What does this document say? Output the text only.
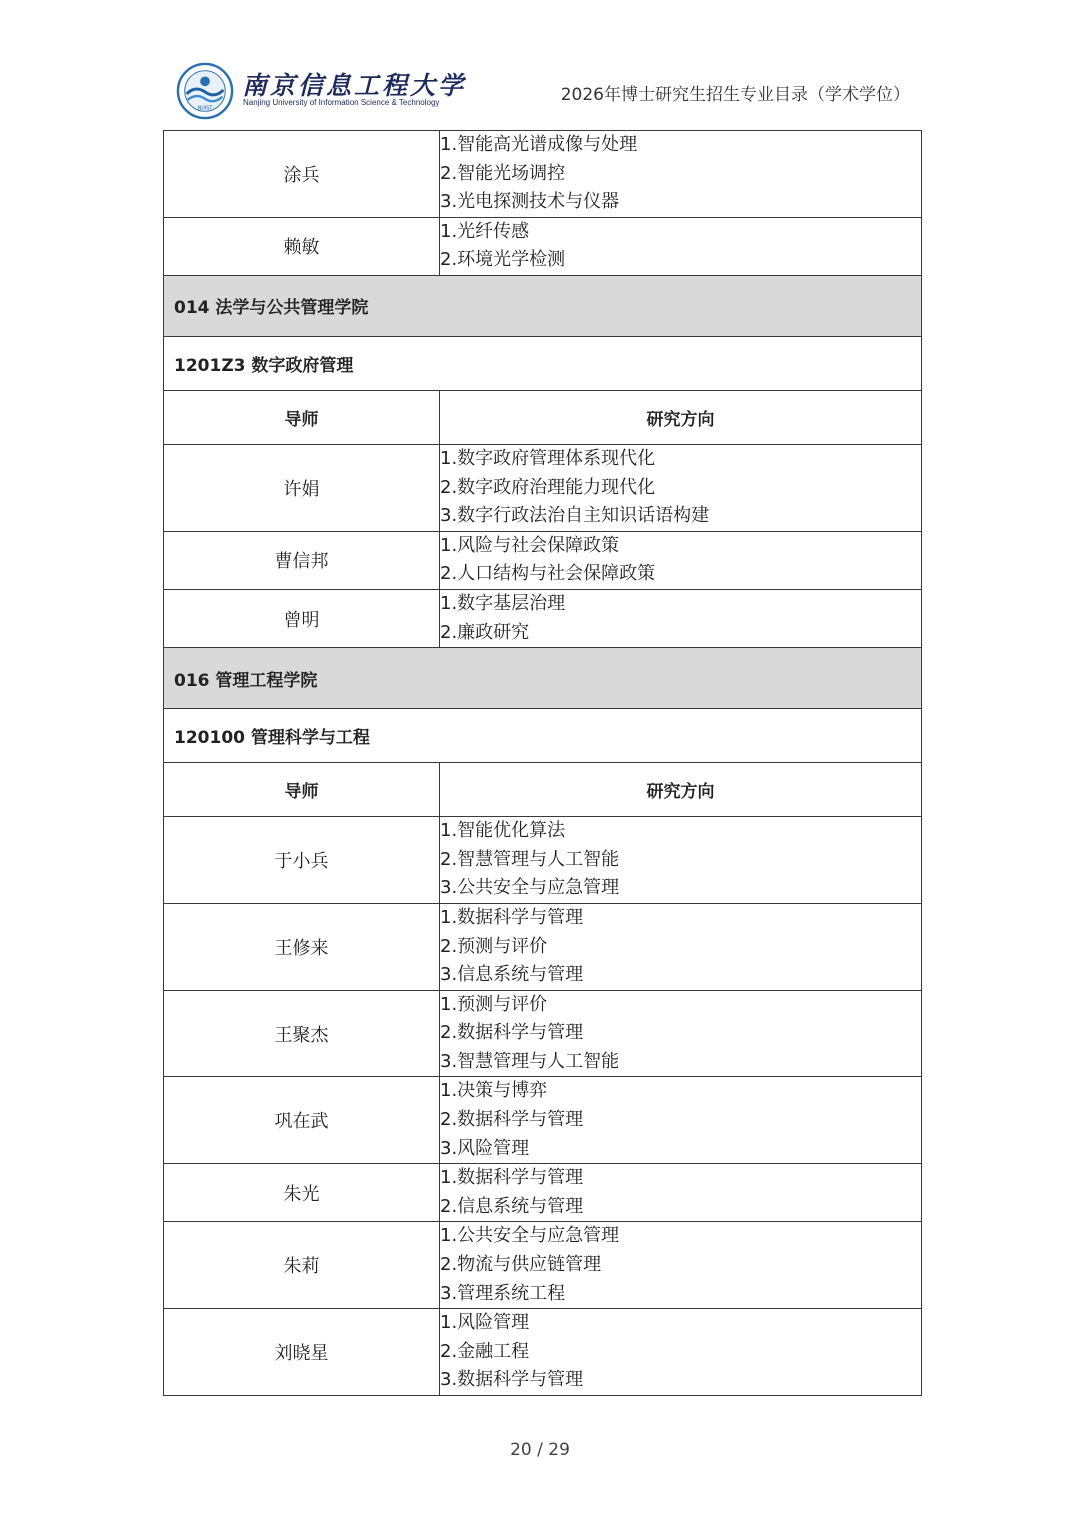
NUIST
南京信息工程大学
Nanjing University of Information Science & Technology	2026年博士研究生招生专业目录（学术学位）
涂兵	1.智能高光谱成像与处理
2.智能光场调控
3.光电探测技术与仪器

赖敏	1.光纤传感
2.环境光学检测

014 法学与公共管理学院	
1201Z3 数字政府管理	
导师	研究方向
许娟	1.数字政府管理体系现代化
2.数字政府治理能力现代化
3.数字行政法治自主知识话语构建

曹信邦	1.风险与社会保障政策
2.人口结构与社会保障政策

曾明	1.数字基层治理
2.廉政研究

016 管理工程学院	
120100 管理科学与工程	
导师	研究方向
于小兵	1.智能优化算法
2.智慧管理与人工智能
3.公共安全与应急管理

王修来	1.数据科学与管理
2.预测与评价
3.信息系统与管理

王聚杰	1.预测与评价
2.数据科学与管理
3.智慧管理与人工智能

巩在武	1.决策与博弈
2.数据科学与管理
3.风险管理

朱光	1.数据科学与管理
2.信息系统与管理

朱莉	1.公共安全与应急管理
2.物流与供应链管理
3.管理系统工程

刘晓星	1.风险管理
2.金融工程
3.数据科学与管理
20 / 29
